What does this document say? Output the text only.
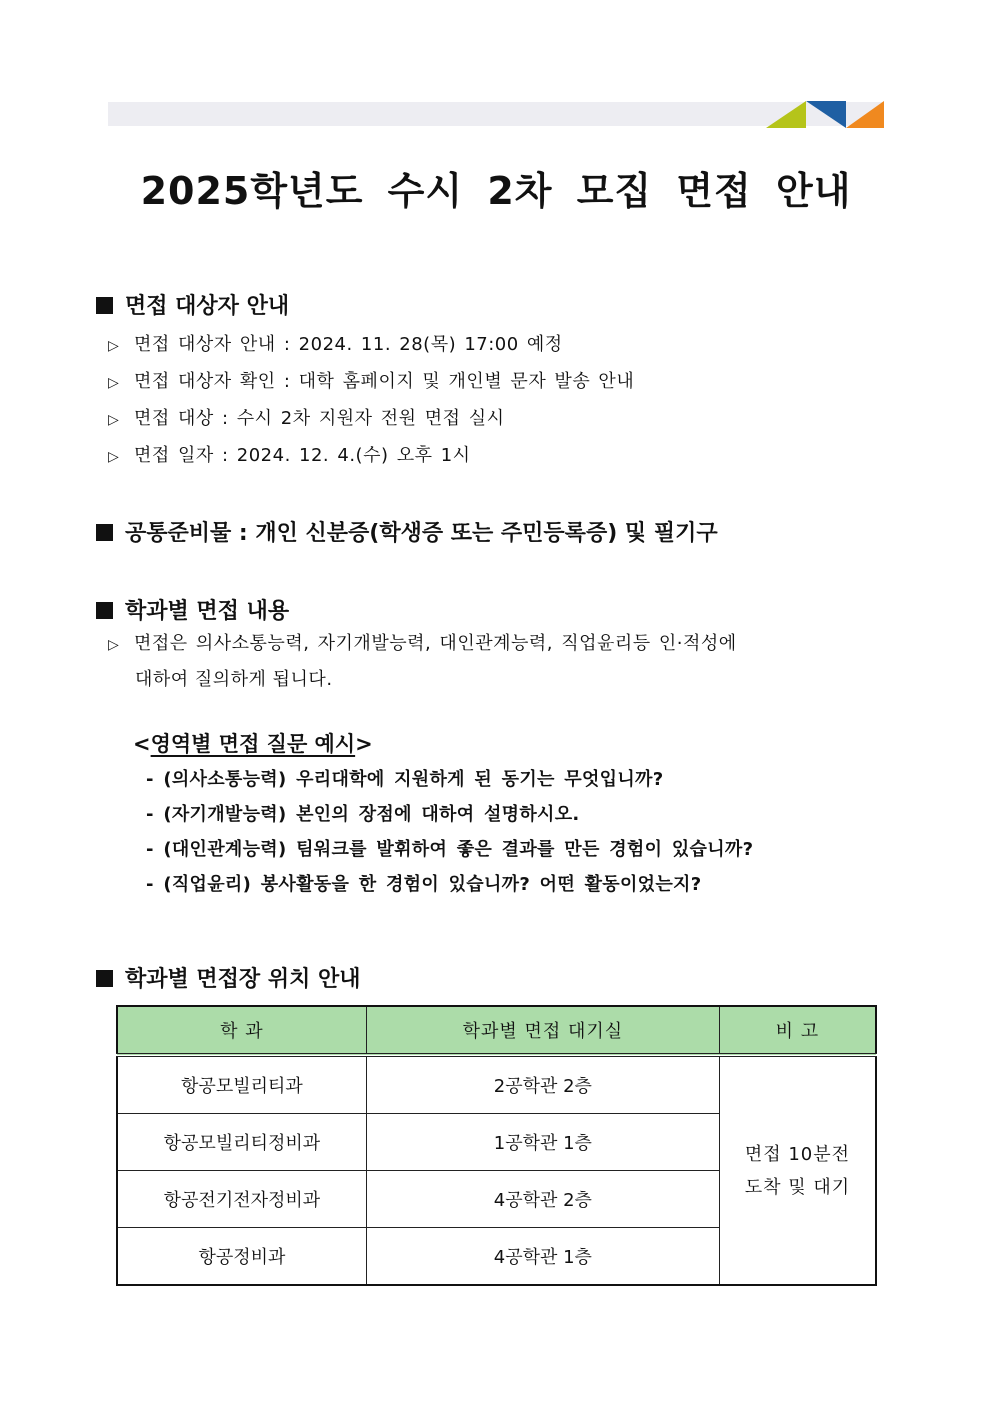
2025학년도 수시 2차 모집 면접 안내
면접 대상자 안내
▷ 면접 대상자 안내 : 2024. 11. 28(목) 17:00 예정
▷ 면접 대상자 확인 : 대학 홈페이지 및 개인별 문자 발송 안내
▷ 면접 대상 : 수시 2차 지원자 전원 면접 실시
▷ 면접 일자 : 2024. 12. 4.(수) 오후 1시
공통준비물 : 개인 신분증(학생증 또는 주민등록증) 및 필기구
학과별 면접 내용
▷ 면접은 의사소통능력, 자기개발능력, 대인관계능력, 직업윤리등 인·적성에
대하여 질의하게 됩니다.
<영역별 면접 질문 예시>
- (의사소통능력) 우리대학에 지원하게 된 동기는 무엇입니까?
- (자기개발능력) 본인의 장점에 대하여 설명하시오.
- (대인관계능력) 팀워크를 발휘하여 좋은 결과를 만든 경험이 있습니까?
- (직업윤리) 봉사활동을 한 경험이 있습니까? 어떤 활동이었는지?
학과별 면접장 위치 안내
학 과	학과별 면접 대기실	비 고
항공모빌리티과	2공학관 2층	면접 10분전
도착 및 대기

항공모빌리티정비과	1공학관 1층	
항공전기전자정비과	4공학관 2층	
항공정비과	4공학관 1층	
